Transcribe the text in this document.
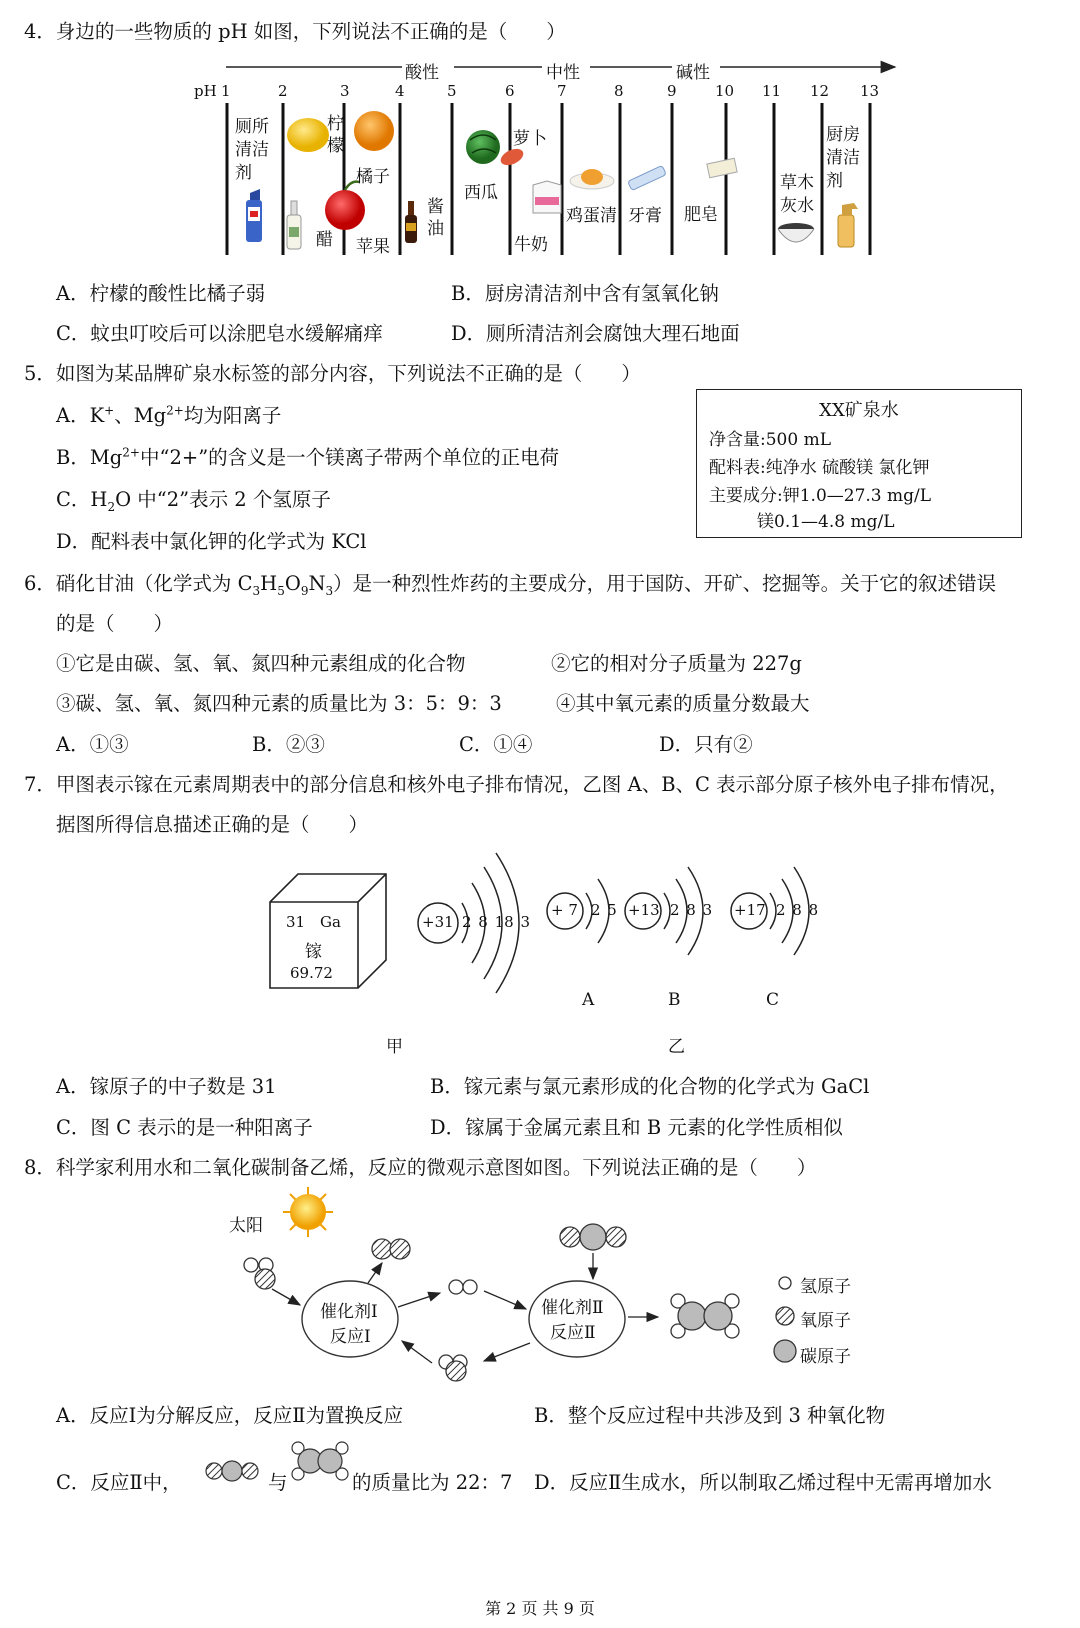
4．身边的一些物质的 pH 如图，下列说法不正确的是（　　）
酸性	中性	碱性
pH 1	2	3	4	5	6	7	8	9	10 11 12 13
厕所清洁剂
醋
柠檬
苹果
橘子
酱油
西瓜
萝卜
牛奶
鸡蛋清 牙膏 肥皂
草木灰水
厨房清洁剂
A．柠檬的酸性比橘子弱	B．厨房清洁剂中含有氢氧化钠
C．蚊虫叮咬后可以涂肥皂水缓解痛痒	D．厕所清洁剂会腐蚀大理石地面
5．如图为某品牌矿泉水标签的部分内容，下列说法不正确的是（　　）
A．K+、$Mg^{2+}$均为阳离子
B．$Mg^{2+}$中“2+”的含义是一个镁离子带两个单位的正电荷
C．$H_2O$ 中“2”表示 2 个氢原子
D．配料表中氯化钾的化学式为 KCl
XX矿泉水
净含量:500 mL
配料表:纯净水 硫酸镁 氯化钾
主要成分:钾1.0—27.3 mg/L
镁0.1—4.8 mg/L
6．硝化甘油（化学式为 $C_3H_5O_9N_3$）是一种烈性炸药的主要成分，用于国防、开矿、挖掘等。关于它的叙述错误
的是（　　）
①它是由碳、氢、氧、氮四种元素组成的化合物	②它的相对分子质量为 227g
③碳、氢、氧、氮四种元素的质量比为 3：5：9：3	④其中氧元素的质量分数最大
A．①③	B．②③	C．①④	D．只有②
7．甲图表示镓在元素周期表中的部分信息和核外电子排布情况，乙图 A、B、C 表示部分原子核外电子排布情况，
据图所得信息描述正确的是（　　）
31 Ga
镓
69.72
+31 2 8 18 3
+ 7 2 5 +13 2 8 3 +17 2 8 8
A	B	C
甲	乙
A．镓原子的中子数是 31	B．镓元素与氯元素形成的化合物的化学式为 GaCl
C．图 C 表示的是一种阳离子	D．镓属于金属元素且和 B 元素的化学性质相似
8．科学家利用水和二氧化碳制备乙烯，反应的微观示意图如图。下列说法正确的是（　　）
太阳
催化剂Ⅰ
反应Ⅰ
催化剂Ⅱ
反应Ⅱ
氢原子
氧原子
碳原子
A．反应Ⅰ为分解反应，反应Ⅱ为置换反应	B．整个反应过程中共涉及到 3 种氧化物
C．反应Ⅱ中，	与	的质量比为 22：7 D．反应Ⅱ生成水，所以制取乙烯过程中无需再增加水
第 2 页 共 9 页
